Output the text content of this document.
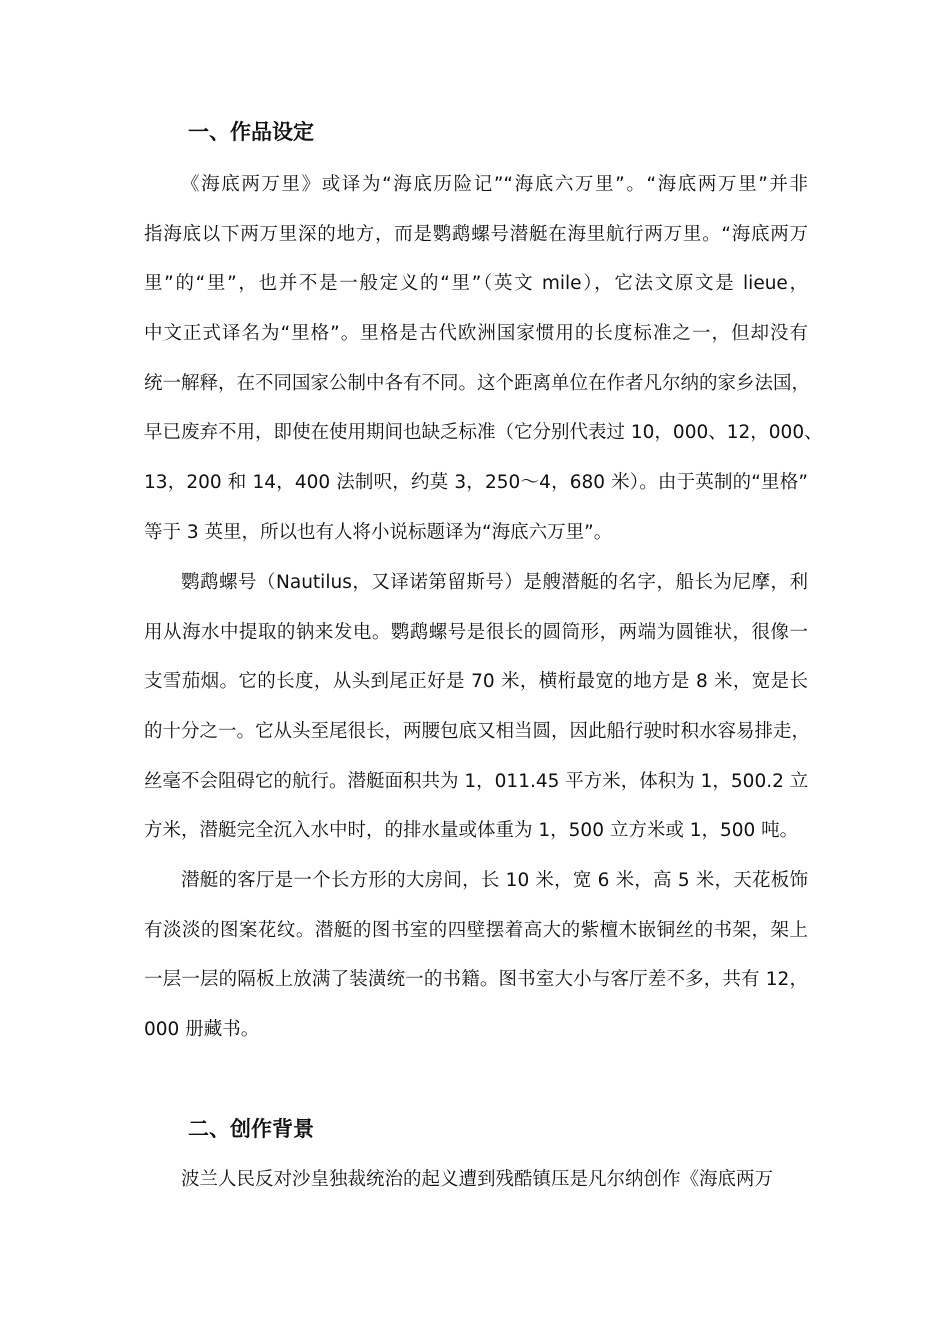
一、作品设定

《海底两万里》或译为“海底历险记”“海底六万里”。“海底两万里”并非
指海底以下两万里深的地方，而是鹦鹉螺号潜艇在海里航行两万里。“海底两万
里”的“里”，也并不是一般定义的“里”（英文 mile），它法文原文是 lieue，
中文正式译名为“里格”。里格是古代欧洲国家惯用的长度标准之一，但却没有
统一解释，在不同国家公制中各有不同。这个距离单位在作者凡尔纳的家乡法国，
早已废弃不用，即使在使用期间也缺乏标准（它分别代表过 10，000、12，000、
13，200 和 14，400 法制呎，约莫 3，250～4，680 米）。由于英制的“里格”
等于 3 英里，所以也有人将小说标题译为“海底六万里”。

鹦鹉螺号（Nautilus，又译诺第留斯号）是艘潜艇的名字，船长为尼摩，利
用从海水中提取的钠来发电。鹦鹉螺号是很长的圆筒形，两端为圆锥状，很像一
支雪茄烟。它的长度，从头到尾正好是 70 米，横桁最宽的地方是 8 米，宽是长
的十分之一。它从头至尾很长，两腰包底又相当圆，因此船行驶时积水容易排走，
丝毫不会阻碍它的航行。潜艇面积共为 1，011.45 平方米，体积为 1，500.2 立
方米，潜艇完全沉入水中时，的排水量或体重为 1，500 立方米或 1，500 吨。

潜艇的客厅是一个长方形的大房间，长 10 米，宽 6 米，高 5 米，天花板饰
有淡淡的图案花纹。潜艇的图书室的四壁摆着高大的紫檀木嵌铜丝的书架，架上
一层一层的隔板上放满了装潢统一的书籍。图书室大小与客厅差不多，共有 12，
000 册藏书。

二、创作背景

波兰人民反对沙皇独裁统治的起义遭到残酷镇压是凡尔纳创作《海底两万
